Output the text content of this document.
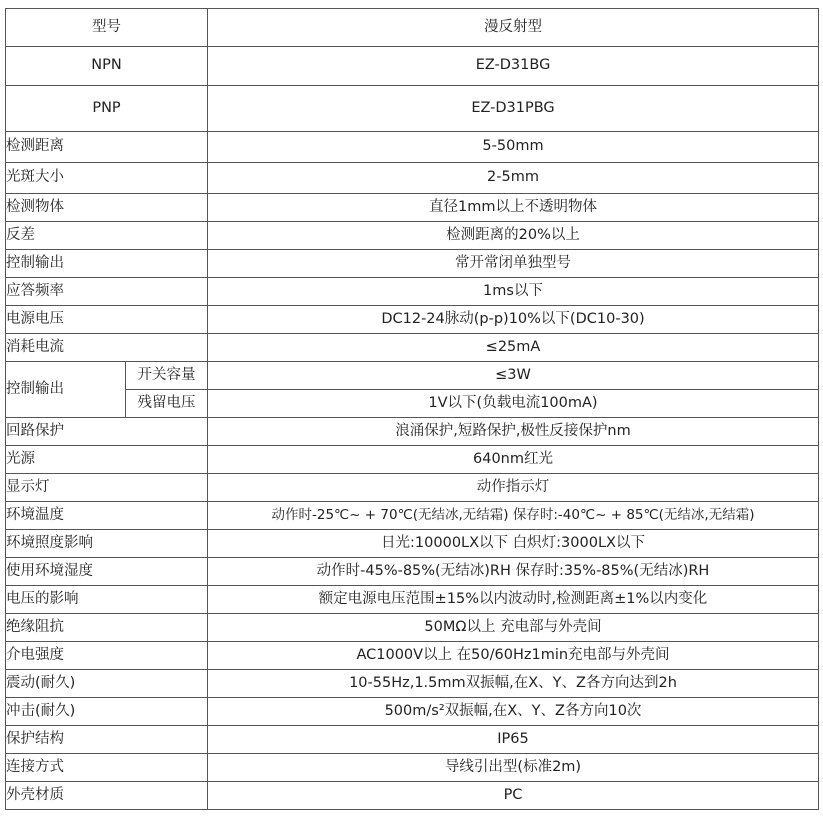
型号		漫反射型
NPN		EZ-D31BG
PNP		EZ-D31PBG
检测距离		5-50mm
光斑大小		2-5mm
检测物体		直径1mm以上不透明物体
反差		检测距离的20%以上
控制输出		常开常闭单独型号
应答频率		1ms以下
电源电压		DC12-24脉动(p-p)10%以下(DC10-30)
消耗电流		≤25mA
控制输出	开关容量	≤3W
	残留电压	1V以下(负载电流100mA)
回路保护		浪涌保护,短路保护,极性反接保护nm
光源		640nm红光
显示灯		动作指示灯
环境温度		动作时-25℃~ + 70℃(无结冰,无结霜) 保存时:-40℃~ + 85℃(无结冰,无结霜)
环境照度影响		日光:10000LX以下 白炽灯:3000LX以下
使用环境湿度		动作时-45%-85%(无结冰)RH 保存时:35%-85%(无结冰)RH
电压的影响		额定电源电压范围±15%以内波动时,检测距离±1%以内变化
绝缘阻抗		50MΩ以上 充电部与外壳间
介电强度		AC1000V以上 在50/60Hz1min充电部与外壳间
震动(耐久)		10-55Hz,1.5mm双振幅,在X、Y、Z各方向达到2h
冲击(耐久)		500m/s²双振幅,在X、Y、Z各方向10次
保护结构		IP65
连接方式		导线引出型(标准2m)
外壳材质		PC
